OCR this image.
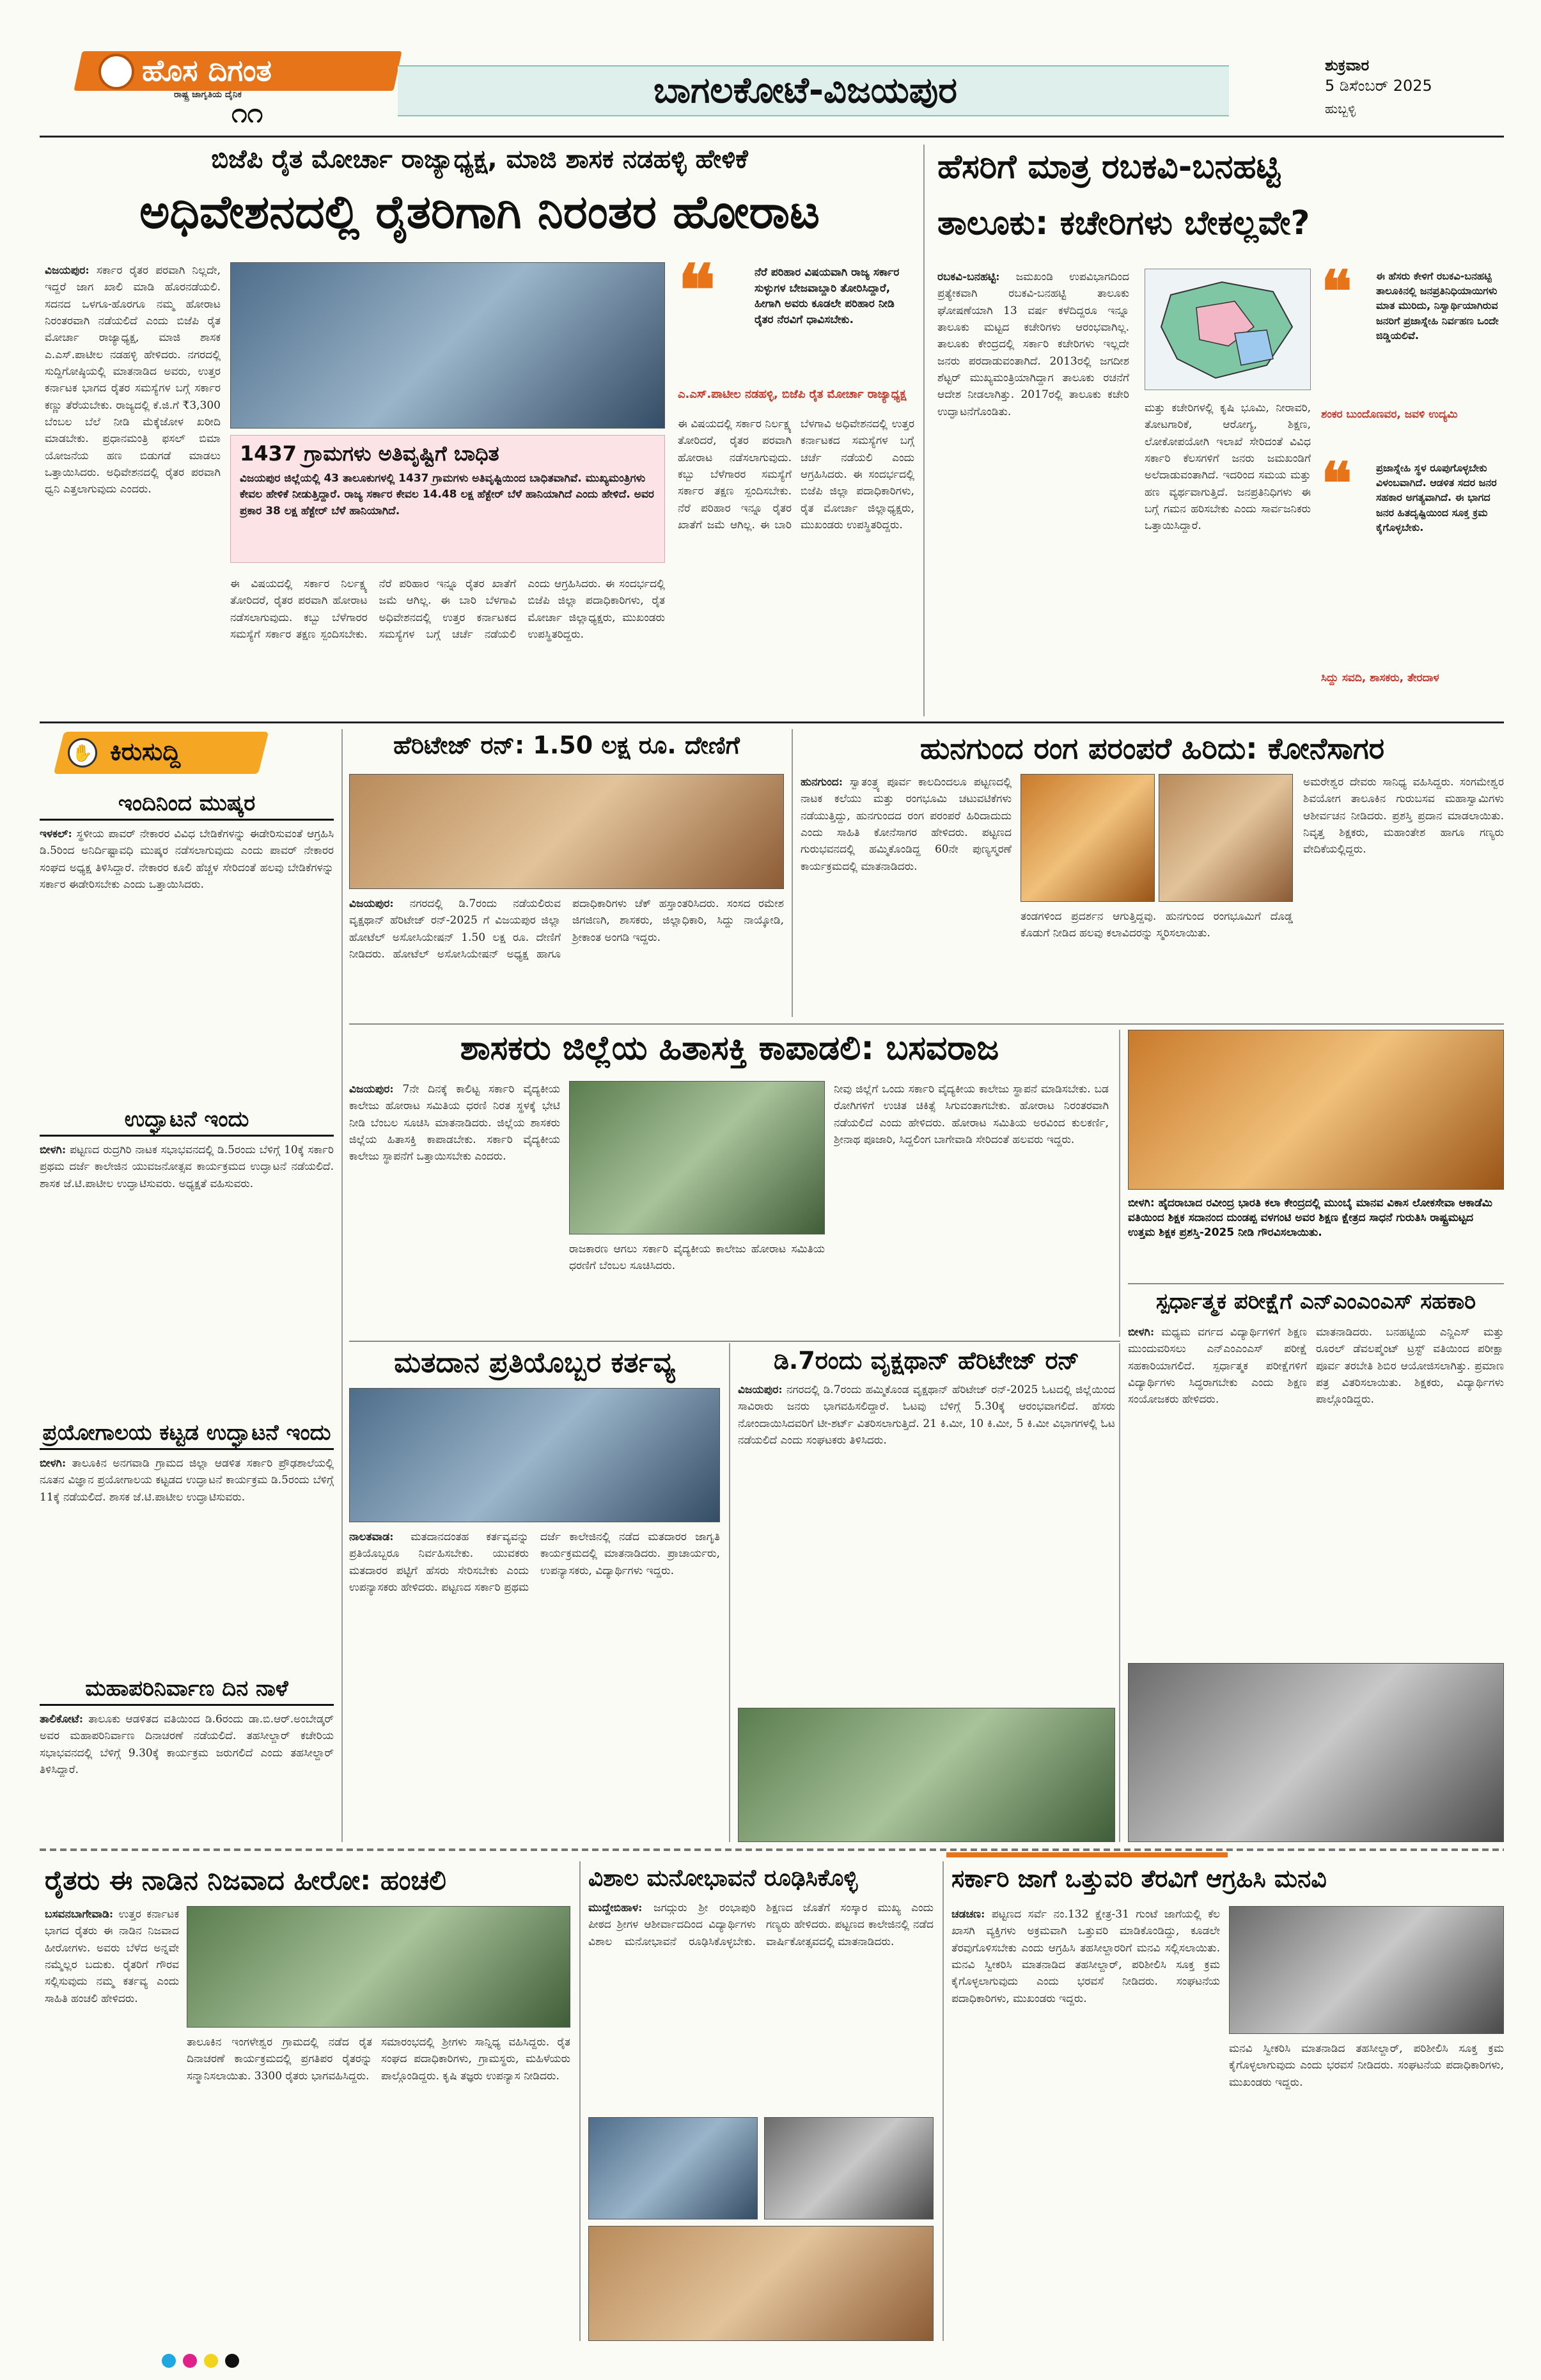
ಹೊಸ ದಿಗಂತ
ರಾಷ್ಟ್ರ ಜಾಗೃತಿಯ ದೈನಿಕ
೧೧
ಬಾಗಲಕೋಟೆ-ವಿಜಯಪುರ
ಶುಕ್ರವಾರ
5 ಡಿಸೆಂಬರ್ 2025
ಹುಬ್ಬಳ್ಳಿ
ಬಿಜೆಪಿ ರೈತ ಮೋರ್ಚಾ ರಾಜ್ಯಾಧ್ಯಕ್ಷ, ಮಾಜಿ ಶಾಸಕ ನಡಹಳ್ಳಿ ಹೇಳಿಕೆ
ಅಧಿವೇಶನದಲ್ಲಿ ರೈತರಿಗಾಗಿ ನಿರಂತರ ಹೋರಾಟ
ವಿಜಯಪುರ: ಸರ್ಕಾರ ರೈತರ ಪರವಾಗಿ ನಿಲ್ಲದೇ, ಇದ್ದರೆ ಜಾಗ ಖಾಲಿ ಮಾಡಿ ಹೊರನಡೆಯಲಿ. ಸದನದ ಒಳಗೂ-ಹೊರಗೂ ನಮ್ಮ ಹೋರಾಟ ನಿರಂತರವಾಗಿ ನಡೆಯಲಿದೆ ಎಂದು ಬಿಜೆಪಿ ರೈತ ಮೋರ್ಚಾ ರಾಜ್ಯಾಧ್ಯಕ್ಷ, ಮಾಜಿ ಶಾಸಕ ಎ.ಎಸ್.ಪಾಟೀಲ ನಡಹಳ್ಳಿ ಹೇಳಿದರು. ನಗರದಲ್ಲಿ ಸುದ್ದಿಗೋಷ್ಠಿಯಲ್ಲಿ ಮಾತನಾಡಿದ ಅವರು, ಉತ್ತರ ಕರ್ನಾಟಕ ಭಾಗದ ರೈತರ ಸಮಸ್ಯೆಗಳ ಬಗ್ಗೆ ಸರ್ಕಾರ ಕಣ್ಣು ತೆರೆಯಬೇಕು. ರಾಜ್ಯದಲ್ಲಿ ಕೆ.ಜಿ.ಗೆ ₹3,300 ಬೆಂಬಲ ಬೆಲೆ ನೀಡಿ ಮೆಕ್ಕೆಜೋಳ ಖರೀದಿ ಮಾಡಬೇಕು. ಪ್ರಧಾನಮಂತ್ರಿ ಫಸಲ್ ಬಿಮಾ ಯೋಜನೆಯ ಹಣ ಬಿಡುಗಡೆ ಮಾಡಲು ಒತ್ತಾಯಿಸಿದರು. ಅಧಿವೇಶನದಲ್ಲಿ ರೈತರ ಪರವಾಗಿ ಧ್ವನಿ ಎತ್ತಲಾಗುವುದು ಎಂದರು.
1437 ಗ್ರಾಮಗಳು ಅತಿವೃಷ್ಟಿಗೆ ಬಾಧಿತ
ವಿಜಯಪುರ ಜಿಲ್ಲೆಯಲ್ಲಿ 43 ತಾಲೂಕುಗಳಲ್ಲಿ 1437 ಗ್ರಾಮಗಳು ಅತಿವೃಷ್ಟಿಯಿಂದ ಬಾಧಿತವಾಗಿವೆ. ಮುಖ್ಯಮಂತ್ರಿಗಳು ಕೇವಲ ಹೇಳಿಕೆ ನೀಡುತ್ತಿದ್ದಾರೆ. ರಾಜ್ಯ ಸರ್ಕಾರ ಕೇವಲ 14.48 ಲಕ್ಷ ಹೆಕ್ಟೇರ್ ಬೆಳೆ ಹಾನಿಯಾಗಿದೆ ಎಂದು ಹೇಳಿದೆ. ಅವರ ಪ್ರಕಾರ 38 ಲಕ್ಷ ಹೆಕ್ಟೇರ್ ಬೆಳೆ ಹಾನಿಯಾಗಿದೆ.
ಈ ವಿಷಯದಲ್ಲಿ ಸರ್ಕಾರ ನಿರ್ಲಕ್ಷ್ಯ ತೋರಿದರೆ, ರೈತರ ಪರವಾಗಿ ಹೋರಾಟ ನಡೆಸಲಾಗುವುದು. ಕಬ್ಬು ಬೆಳೆಗಾರರ ಸಮಸ್ಯೆಗೆ ಸರ್ಕಾರ ತಕ್ಷಣ ಸ್ಪಂದಿಸಬೇಕು. ನೆರೆ ಪರಿಹಾರ ಇನ್ನೂ ರೈತರ ಖಾತೆಗೆ ಜಮೆ ಆಗಿಲ್ಲ. ಈ ಬಾರಿ ಬೆಳಗಾವಿ ಅಧಿವೇಶನದಲ್ಲಿ ಉತ್ತರ ಕರ್ನಾಟಕದ ಸಮಸ್ಯೆಗಳ ಬಗ್ಗೆ ಚರ್ಚೆ ನಡೆಯಲಿ ಎಂದು ಆಗ್ರಹಿಸಿದರು. ಈ ಸಂದರ್ಭದಲ್ಲಿ ಬಿಜೆಪಿ ಜಿಲ್ಲಾ ಪದಾಧಿಕಾರಿಗಳು, ರೈತ ಮೋರ್ಚಾ ಜಿಲ್ಲಾಧ್ಯಕ್ಷರು, ಮುಖಂಡರು ಉಪಸ್ಥಿತರಿದ್ದರು.
❝	ನೆರೆ ಪರಿಹಾರ ವಿಷಯವಾಗಿ ರಾಜ್ಯ ಸರ್ಕಾರ ಸುಳ್ಳುಗಳ ಬೇಜವಾಬ್ದಾರಿ ತೋರಿಸಿದ್ದಾರೆ, ಹೀಗಾಗಿ ಅವರು ಕೂಡಲೇ ಪರಿಹಾರ ನೀಡಿ ರೈತರ ನೆರವಿಗೆ ಧಾವಿಸಬೇಕು.
ಎ.ಎಸ್.ಪಾಟೀಲ ನಡಹಳ್ಳಿ, ಬಿಜೆಪಿ ರೈತ ಮೋರ್ಚಾ ರಾಜ್ಯಾಧ್ಯಕ್ಷ
ಈ ವಿಷಯದಲ್ಲಿ ಸರ್ಕಾರ ನಿರ್ಲಕ್ಷ್ಯ ತೋರಿದರೆ, ರೈತರ ಪರವಾಗಿ ಹೋರಾಟ ನಡೆಸಲಾಗುವುದು. ಕಬ್ಬು ಬೆಳೆಗಾರರ ಸಮಸ್ಯೆಗೆ ಸರ್ಕಾರ ತಕ್ಷಣ ಸ್ಪಂದಿಸಬೇಕು. ನೆರೆ ಪರಿಹಾರ ಇನ್ನೂ ರೈತರ ಖಾತೆಗೆ ಜಮೆ ಆಗಿಲ್ಲ. ಈ ಬಾರಿ ಬೆಳಗಾವಿ ಅಧಿವೇಶನದಲ್ಲಿ ಉತ್ತರ ಕರ್ನಾಟಕದ ಸಮಸ್ಯೆಗಳ ಬಗ್ಗೆ ಚರ್ಚೆ ನಡೆಯಲಿ ಎಂದು ಆಗ್ರಹಿಸಿದರು. ಈ ಸಂದರ್ಭದಲ್ಲಿ ಬಿಜೆಪಿ ಜಿಲ್ಲಾ ಪದಾಧಿಕಾರಿಗಳು, ರೈತ ಮೋರ್ಚಾ ಜಿಲ್ಲಾಧ್ಯಕ್ಷರು, ಮುಖಂಡರು ಉಪಸ್ಥಿತರಿದ್ದರು.
ಹೆಸರಿಗೆ ಮಾತ್ರ ರಬಕವಿ-ಬನಹಟ್ಟಿ
ತಾಲೂಕು: ಕಚೇರಿಗಳು ಬೇಕಲ್ಲವೇ?
ರಬಕವಿ-ಬನಹಟ್ಟಿ: ಜಮಖಂಡಿ ಉಪವಿಭಾಗದಿಂದ ಪ್ರತ್ಯೇಕವಾಗಿ ರಬಕವಿ-ಬನಹಟ್ಟಿ ತಾಲೂಕು ಘೋಷಣೆಯಾಗಿ 13 ವರ್ಷ ಕಳೆದಿದ್ದರೂ ಇನ್ನೂ ತಾಲೂಕು ಮಟ್ಟದ ಕಚೇರಿಗಳು ಆರಂಭವಾಗಿಲ್ಲ. ತಾಲೂಕು ಕೇಂದ್ರದಲ್ಲಿ ಸರ್ಕಾರಿ ಕಚೇರಿಗಳು ಇಲ್ಲದೇ ಜನರು ಪರದಾಡುವಂತಾಗಿದೆ. 2013ರಲ್ಲಿ ಜಗದೀಶ ಶೆಟ್ಟರ್ ಮುಖ್ಯಮಂತ್ರಿಯಾಗಿದ್ದಾಗ ತಾಲೂಕು ರಚನೆಗೆ ಆದೇಶ ನೀಡಲಾಗಿತ್ತು. 2017ರಲ್ಲಿ ತಾಲೂಕು ಕಚೇರಿ ಉದ್ಘಾಟನೆಗೊಂಡಿತು.	ಮತ್ತು ಕಚೇರಿಗಳಲ್ಲಿ ಕೃಷಿ ಭೂಮಿ, ನೀರಾವರಿ, ತೋಟಗಾರಿಕೆ, ಆರೋಗ್ಯ, ಶಿಕ್ಷಣ, ಲೋಕೋಪಯೋಗಿ ಇಲಾಖೆ ಸೇರಿದಂತೆ ವಿವಿಧ ಸರ್ಕಾರಿ ಕೆಲಸಗಳಿಗೆ ಜನರು ಜಮಖಂಡಿಗೆ ಅಲೆದಾಡುವಂತಾಗಿದೆ. ಇದರಿಂದ ಸಮಯ ಮತ್ತು ಹಣ ವ್ಯರ್ಥವಾಗುತ್ತಿದೆ. ಜನಪ್ರತಿನಿಧಿಗಳು ಈ ಬಗ್ಗೆ ಗಮನ ಹರಿಸಬೇಕು ಎಂದು ಸಾರ್ವಜನಿಕರು ಒತ್ತಾಯಿಸಿದ್ದಾರೆ.
❝ ಈ ಹೆಸರು ಕೇಳಿಗೆ ರಬಕವಿ-ಬನಹಟ್ಟಿ ತಾಲೂಕಿನಲ್ಲಿ ಜನಪ್ರತಿನಿಧಿಯಾಯಿಗಳು ಮಾತ ಮುರಿದು, ನಿಸ್ವಾರ್ಥಿಯಾಗಿರುವ ಜನರಿಗೆ ಪ್ರಜಾಸ್ನೇಹಿ ನಿರ್ವಹಣ ಒಂದೇ ಜಿಡ್ಡಿಯಲಿವೆ.
ಶಂಕರ ಬುಂದೊಣವರ, ಜವಳಿ ಉದ್ಯಮಿ
❝ ಪ್ರಜಾಸ್ನೇಹಿ ಸ್ಥಳ ರೂಪುಗೊಳ್ಳಬೇಕು ವಿಳಂಬವಾಗಿದೆ. ಆಡಳಿತ ಸದರ ಜನರ ಸಹಕಾರ ಅಗತ್ಯವಾಗಿದೆ. ಈ ಭಾಗದ ಜನರ ಹಿತದೃಷ್ಟಿಯಿಂದ ಸೂಕ್ತ ಕ್ರಮ ಕೈಗೊಳ್ಳಬೇಕು.
ಸಿದ್ದು ಸವದಿ, ಶಾಸಕರು, ತೇರದಾಳ
✋ ಕಿರುಸುದ್ದಿ
ಇಂದಿನಿಂದ ಮುಷ್ಕರ
ಇಳಕಲ್: ಸ್ಥಳೀಯ ಪಾವರ್ ನೇಕಾರರ ವಿವಿಧ ಬೇಡಿಕೆಗಳನ್ನು ಈಡೇರಿಸುವಂತೆ ಆಗ್ರಹಿಸಿ ಡಿ.5ರಿಂದ ಅನಿರ್ದಿಷ್ಟಾವಧಿ ಮುಷ್ಕರ ನಡೆಸಲಾಗುವುದು ಎಂದು ಪಾವರ್ ನೇಕಾರರ ಸಂಘದ ಅಧ್ಯಕ್ಷ ತಿಳಿಸಿದ್ದಾರೆ. ನೇಕಾರರ ಕೂಲಿ ಹೆಚ್ಚಳ ಸೇರಿದಂತೆ ಹಲವು ಬೇಡಿಕೆಗಳನ್ನು ಸರ್ಕಾರ ಈಡೇರಿಸಬೇಕು ಎಂದು ಒತ್ತಾಯಿಸಿದರು.
ಉದ್ಘಾಟನೆ ಇಂದು
ಬೀಳಗಿ: ಪಟ್ಟಣದ ರುದ್ರಗಿರಿ ನಾಟಕ ಸಭಾಭವನದಲ್ಲಿ ಡಿ.5ರಂದು ಬೆಳಿಗ್ಗೆ 10ಕ್ಕೆ ಸರ್ಕಾರಿ ಪ್ರಥಮ ದರ್ಜೆ ಕಾಲೇಜಿನ ಯುವಜನೋತ್ಸವ ಕಾರ್ಯಕ್ರಮದ ಉದ್ಘಾಟನೆ ನಡೆಯಲಿದೆ. ಶಾಸಕ ಜೆ.ಟಿ.ಪಾಟೀಲ ಉದ್ಘಾಟಿಸುವರು. ಅಧ್ಯಕ್ಷತೆ ವಹಿಸುವರು.
ಪ್ರಯೋಗಾಲಯ ಕಟ್ಟಡ ಉದ್ಘಾಟನೆ ಇಂದು
ಬೀಳಗಿ: ತಾಲೂಕಿನ ಅನಗವಾಡಿ ಗ್ರಾಮದ ಜಿಲ್ಲಾ ಆಡಳಿತ ಸರ್ಕಾರಿ ಪ್ರೌಢಶಾಲೆಯಲ್ಲಿ ನೂತನ ವಿಜ್ಞಾನ ಪ್ರಯೋಗಾಲಯ ಕಟ್ಟಡದ ಉದ್ಘಾಟನೆ ಕಾರ್ಯಕ್ರಮ ಡಿ.5ರಂದು ಬೆಳಿಗ್ಗೆ 11ಕ್ಕೆ ನಡೆಯಲಿದೆ. ಶಾಸಕ ಜೆ.ಟಿ.ಪಾಟೀಲ ಉದ್ಘಾಟಿಸುವರು.
ಮಹಾಪರಿನಿರ್ವಾಣ ದಿನ ನಾಳೆ
ತಾಲಿಕೋಟೆ: ತಾಲೂಕು ಆಡಳಿತದ ವತಿಯಿಂದ ಡಿ.6ರಂದು ಡಾ.ಬಿ.ಆರ್.ಅಂಬೇಡ್ಕರ್ ಅವರ ಮಹಾಪರಿನಿರ್ವಾಣ ದಿನಾಚರಣೆ ನಡೆಯಲಿದೆ. ತಹಸೀಲ್ದಾರ್ ಕಚೇರಿಯ ಸಭಾಭವನದಲ್ಲಿ ಬೆಳಿಗ್ಗೆ 9.30ಕ್ಕೆ ಕಾರ್ಯಕ್ರಮ ಜರುಗಲಿದೆ ಎಂದು ತಹಸೀಲ್ದಾರ್ ತಿಳಿಸಿದ್ದಾರೆ.
ಹೆರಿಟೇಜ್ ರನ್: 1.50 ಲಕ್ಷ ರೂ. ದೇಣಿಗೆ
ವಿಜಯಪುರ: ನಗರದಲ್ಲಿ ಡಿ.7ರಂದು ನಡೆಯಲಿರುವ ವೃಕ್ಷಥಾನ್ ಹೆರಿಟೇಜ್ ರನ್-2025 ಗೆ ವಿಜಯಪುರ ಜಿಲ್ಲಾ ಹೋಟೆಲ್ ಅಸೋಸಿಯೇಷನ್ 1.50 ಲಕ್ಷ ರೂ. ದೇಣಿಗೆ ನೀಡಿದರು. ಹೋಟೆಲ್ ಅಸೋಸಿಯೇಷನ್ ಅಧ್ಯಕ್ಷ ಹಾಗೂ ಪದಾಧಿಕಾರಿಗಳು ಚೆಕ್ ಹಸ್ತಾಂತರಿಸಿದರು. ಸಂಸದ ರಮೇಶ ಜಿಗಜಿಣಗಿ, ಶಾಸಕರು, ಜಿಲ್ಲಾಧಿಕಾರಿ, ಸಿದ್ದು ನಾಯ್ಕೋಡಿ, ಶ್ರೀಕಾಂತ ಅಂಗಡಿ ಇದ್ದರು.
ಹುನಗುಂದ ರಂಗ ಪರಂಪರೆ ಹಿರಿದು: ಕೋನೆಸಾಗರ
ಹುನಗುಂದ: ಸ್ವಾತಂತ್ರ್ಯ ಪೂರ್ವ ಕಾಲದಿಂದಲೂ ಪಟ್ಟಣದಲ್ಲಿ ನಾಟಕ ಕಲೆಯು ಮತ್ತು ರಂಗಭೂಮಿ ಚಟುವಟಿಕೆಗಳು ನಡೆಯುತ್ತಿದ್ದು, ಹುನಗುಂದದ ರಂಗ ಪರಂಪರೆ ಹಿರಿದಾದುದು ಎಂದು ಸಾಹಿತಿ ಕೋನೆಸಾಗರ ಹೇಳಿದರು. ಪಟ್ಟಣದ ಗುರುಭವನದಲ್ಲಿ ಹಮ್ಮಿಕೊಂಡಿದ್ದ 60ನೇ ಪುಣ್ಯಸ್ಮರಣೆ ಕಾರ್ಯಕ್ರಮದಲ್ಲಿ ಮಾತನಾಡಿದರು.
ತಂಡಗಳಿಂದ ಪ್ರದರ್ಶನ ಆಗುತ್ತಿದ್ದವು. ಹುನಗುಂದ ರಂಗಭೂಮಿಗೆ ದೊಡ್ಡ ಕೊಡುಗೆ ನೀಡಿದ ಹಲವು ಕಲಾವಿದರನ್ನು ಸ್ಮರಿಸಲಾಯಿತು.
ಅಮರೇಶ್ವರ ದೇವರು ಸಾನಿಧ್ಯ ವಹಿಸಿದ್ದರು. ಸಂಗಮೇಶ್ವರ ಶಿವಯೋಗ ತಾಲೂಕಿನ ಗುರುಬಸವ ಮಹಾಸ್ವಾಮಿಗಳು ಆಶೀರ್ವಚನ ನೀಡಿದರು. ಪ್ರಶಸ್ತಿ ಪ್ರದಾನ ಮಾಡಲಾಯಿತು. ನಿವೃತ್ತ ಶಿಕ್ಷಕರು, ಮಹಾಂತೇಶ ಹಾಗೂ ಗಣ್ಯರು ವೇದಿಕೆಯಲ್ಲಿದ್ದರು.
ಶಾಸಕರು ಜಿಲ್ಲೆಯ ಹಿತಾಸಕ್ತಿ ಕಾಪಾಡಲಿ: ಬಸವರಾಜ
ವಿಜಯಪುರ: 7ನೇ ದಿನಕ್ಕೆ ಕಾಲಿಟ್ಟ ಸರ್ಕಾರಿ ವೈದ್ಯಕೀಯ ಕಾಲೇಜು ಹೋರಾಟ ಸಮಿತಿಯ ಧರಣಿ ನಿರತ ಸ್ಥಳಕ್ಕೆ ಭೇಟಿ ನೀಡಿ ಬೆಂಬಲ ಸೂಚಿಸಿ ಮಾತನಾಡಿದರು. ಜಿಲ್ಲೆಯ ಶಾಸಕರು ಜಿಲ್ಲೆಯ ಹಿತಾಸಕ್ತಿ ಕಾಪಾಡಬೇಕು. ಸರ್ಕಾರಿ ವೈದ್ಯಕೀಯ ಕಾಲೇಜು ಸ್ಥಾಪನೆಗೆ ಒತ್ತಾಯಿಸಬೇಕು ಎಂದರು.
ರಾಜಕಾರಣ ಆಗಲು ಸರ್ಕಾರಿ ವೈದ್ಯಕೀಯ ಕಾಲೇಜು ಹೋರಾಟ ಸಮಿತಿಯ ಧರಣಿಗೆ ಬೆಂಬಲ ಸೂಚಿಸಿದರು.
ನೀವು ಜಿಲ್ಲೆಗೆ ಒಂದು ಸರ್ಕಾರಿ ವೈದ್ಯಕೀಯ ಕಾಲೇಜು ಸ್ಥಾಪನೆ ಮಾಡಿಸಬೇಕು. ಬಡ ರೋಗಿಗಳಿಗೆ ಉಚಿತ ಚಿಕಿತ್ಸೆ ಸಿಗುವಂತಾಗಬೇಕು. ಹೋರಾಟ ನಿರಂತರವಾಗಿ ನಡೆಯಲಿದೆ ಎಂದು ಹೇಳಿದರು. ಹೋರಾಟ ಸಮಿತಿಯ ಅರವಿಂದ ಕುಲಕರ್ಣಿ, ಶ್ರೀನಾಥ ಪೂಜಾರಿ, ಸಿದ್ದಲಿಂಗ ಬಾಗೇವಾಡಿ ಸೇರಿದಂತೆ ಹಲವರು ಇದ್ದರು.
ಬೀಳಗಿ: ಹೈದರಾಬಾದ ರವೀಂದ್ರ ಭಾರತಿ ಕಲಾ ಕೇಂದ್ರದಲ್ಲಿ ಮುಂಬೈ ಮಾನವ ವಿಕಾಸ ಲೋಕಸೇವಾ ಆಕಾಡೆಮಿ ವತಿಯಿಂದ ಶಿಕ್ಷಕ ಸದಾನಂದ ದುಂಡಪ್ಪ ವಳಗಂಟಿ ಅವರ ಶಿಕ್ಷಣ ಕ್ಷೇತ್ರದ ಸಾಧನೆ ಗುರುತಿಸಿ ರಾಷ್ಟ್ರಮಟ್ಟದ ಉತ್ತಮ ಶಿಕ್ಷಕ ಪ್ರಶಸ್ತಿ-2025 ನೀಡಿ ಗೌರವಿಸಲಾಯಿತು.
ಸ್ಪರ್ಧಾತ್ಮಕ ಪರೀಕ್ಷೆಗೆ ಎನ್ಎಂಎಂಎಸ್ ಸಹಕಾರಿ
ಬೀಳಗಿ: ಮಧ್ಯಮ ವರ್ಗದ ವಿದ್ಯಾರ್ಥಿಗಳಿಗೆ ಶಿಕ್ಷಣ ಮುಂದುವರಿಸಲು ಎನ್ಎಂಎಂಎಸ್ ಪರೀಕ್ಷೆ ಸಹಕಾರಿಯಾಗಲಿದೆ. ಸ್ಪರ್ಧಾತ್ಮಕ ಪರೀಕ್ಷೆಗಳಿಗೆ ವಿದ್ಯಾರ್ಥಿಗಳು ಸಿದ್ಧರಾಗಬೇಕು ಎಂದು ಶಿಕ್ಷಣ ಸಂಯೋಜಕರು ಹೇಳಿದರು.
ಮಾತನಾಡಿದರು. ಬನಹಟ್ಟಿಯ ಎನ್ಜಿಎಸ್ ಮತ್ತು ರೂರಲ್ ಡೆವಲಪ್ಮೆಂಟ್ ಟ್ರಸ್ಟ್ ವತಿಯಿಂದ ಪರೀಕ್ಷಾ ಪೂರ್ವ ತರಬೇತಿ ಶಿಬಿರ ಆಯೋಜಿಸಲಾಗಿತ್ತು. ಪ್ರಮಾಣ ಪತ್ರ ವಿತರಿಸಲಾಯಿತು. ಶಿಕ್ಷಕರು, ವಿದ್ಯಾರ್ಥಿಗಳು ಪಾಲ್ಗೊಂಡಿದ್ದರು.
ಮತದಾನ ಪ್ರತಿಯೊಬ್ಬರ ಕರ್ತವ್ಯ
ನಾಲತವಾಡ: ಮತದಾನದಂತಹ ಕರ್ತವ್ಯವನ್ನು ಪ್ರತಿಯೊಬ್ಬರೂ ನಿರ್ವಹಿಸಬೇಕು. ಯುವಕರು ಮತದಾರರ ಪಟ್ಟಿಗೆ ಹೆಸರು ಸೇರಿಸಬೇಕು ಎಂದು ಉಪನ್ಯಾಸಕರು ಹೇಳಿದರು. ಪಟ್ಟಣದ ಸರ್ಕಾರಿ ಪ್ರಥಮ ದರ್ಜೆ ಕಾಲೇಜಿನಲ್ಲಿ ನಡೆದ ಮತದಾರರ ಜಾಗೃತಿ ಕಾರ್ಯಕ್ರಮದಲ್ಲಿ ಮಾತನಾಡಿದರು. ಪ್ರಾಚಾರ್ಯರು, ಉಪನ್ಯಾಸಕರು, ವಿದ್ಯಾರ್ಥಿಗಳು ಇದ್ದರು.
ಡಿ.7ರಂದು ವೃಕ್ಷಥಾನ್ ಹೆರಿಟೇಜ್ ರನ್
ವಿಜಯಪುರ: ನಗರದಲ್ಲಿ ಡಿ.7ರಂದು ಹಮ್ಮಿಕೊಂಡ ವೃಕ್ಷಥಾನ್ ಹೆರಿಟೇಜ್ ರನ್-2025 ಓಟದಲ್ಲಿ ಜಿಲ್ಲೆಯಿಂದ ಸಾವಿರಾರು ಜನರು ಭಾಗವಹಿಸಲಿದ್ದಾರೆ. ಓಟವು ಬೆಳಿಗ್ಗೆ 5.30ಕ್ಕೆ ಆರಂಭವಾಗಲಿದೆ. ಹೆಸರು ನೋಂದಾಯಿಸಿದವರಿಗೆ ಟೀ-ಶರ್ಟ್ ವಿತರಿಸಲಾಗುತ್ತಿದೆ. 21 ಕಿ.ಮೀ, 10 ಕಿ.ಮೀ, 5 ಕಿ.ಮೀ ವಿಭಾಗಗಳಲ್ಲಿ ಓಟ ನಡೆಯಲಿದೆ ಎಂದು ಸಂಘಟಕರು ತಿಳಿಸಿದರು.
ರೈತರು ಈ ನಾಡಿನ ನಿಜವಾದ ಹೀರೋ: ಹಂಚಲಿ
ಬಸವನಬಾಗೇವಾಡಿ: ಉತ್ತರ ಕರ್ನಾಟಕ ಭಾಗದ ರೈತರು ಈ ನಾಡಿನ ನಿಜವಾದ ಹೀರೋಗಳು. ಅವರು ಬೆಳೆದ ಅನ್ನವೇ ನಮ್ಮೆಲ್ಲರ ಬದುಕು. ರೈತರಿಗೆ ಗೌರವ ಸಲ್ಲಿಸುವುದು ನಮ್ಮ ಕರ್ತವ್ಯ ಎಂದು ಸಾಹಿತಿ ಹಂಚಲಿ ಹೇಳಿದರು.
ತಾಲೂಕಿನ ಇಂಗಳೇಶ್ವರ ಗ್ರಾಮದಲ್ಲಿ ನಡೆದ ರೈತ ದಿನಾಚರಣೆ ಕಾರ್ಯಕ್ರಮದಲ್ಲಿ ಪ್ರಗತಿಪರ ರೈತರನ್ನು ಸನ್ಮಾನಿಸಲಾಯಿತು. 3300 ರೈತರು ಭಾಗವಹಿಸಿದ್ದರು.
ಸಮಾರಂಭದಲ್ಲಿ ಶ್ರೀಗಳು ಸಾನ್ನಿಧ್ಯ ವಹಿಸಿದ್ದರು. ರೈತ ಸಂಘದ ಪದಾಧಿಕಾರಿಗಳು, ಗ್ರಾಮಸ್ಥರು, ಮಹಿಳೆಯರು ಪಾಲ್ಗೊಂಡಿದ್ದರು. ಕೃಷಿ ತಜ್ಞರು ಉಪನ್ಯಾಸ ನೀಡಿದರು.
ವಿಶಾಲ ಮನೋಭಾವನೆ ರೂಢಿಸಿಕೊಳ್ಳಿ
ಮುದ್ದೇಬಿಹಾಳ: ಜಗದ್ಗುರು ಶ್ರೀ ರಂಭಾಪುರಿ ಪೀಠದ ಶ್ರೀಗಳ ಆಶೀರ್ವಾದದಿಂದ ವಿದ್ಯಾರ್ಥಿಗಳು ವಿಶಾಲ ಮನೋಭಾವನೆ ರೂಢಿಸಿಕೊಳ್ಳಬೇಕು. ಶಿಕ್ಷಣದ ಜೊತೆಗೆ ಸಂಸ್ಕಾರ ಮುಖ್ಯ ಎಂದು ಗಣ್ಯರು ಹೇಳಿದರು. ಪಟ್ಟಣದ ಕಾಲೇಜಿನಲ್ಲಿ ನಡೆದ ವಾರ್ಷಿಕೋತ್ಸವದಲ್ಲಿ ಮಾತನಾಡಿದರು.
ಸರ್ಕಾರಿ ಜಾಗೆ ಒತ್ತುವರಿ ತೆರವಿಗೆ ಆಗ್ರಹಿಸಿ ಮನವಿ
ಚಡಚಣ: ಪಟ್ಟಣದ ಸರ್ವೆ ನಂ.132 ಕ್ಷೇತ್ರ-31 ಗುಂಟೆ ಜಾಗೆಯಲ್ಲಿ ಕೆಲ ಖಾಸಗಿ ವ್ಯಕ್ತಿಗಳು ಅಕ್ರಮವಾಗಿ ಒತ್ತುವರಿ ಮಾಡಿಕೊಂಡಿದ್ದು, ಕೂಡಲೇ ತೆರವುಗೊಳಿಸಬೇಕು ಎಂದು ಆಗ್ರಹಿಸಿ ತಹಸೀಲ್ದಾರರಿಗೆ ಮನವಿ ಸಲ್ಲಿಸಲಾಯಿತು. ಮನವಿ ಸ್ವೀಕರಿಸಿ ಮಾತನಾಡಿದ ತಹಸೀಲ್ದಾರ್, ಪರಿಶೀಲಿಸಿ ಸೂಕ್ತ ಕ್ರಮ ಕೈಗೊಳ್ಳಲಾಗುವುದು ಎಂದು ಭರವಸೆ ನೀಡಿದರು. ಸಂಘಟನೆಯ ಪದಾಧಿಕಾರಿಗಳು, ಮುಖಂಡರು ಇದ್ದರು.
ಮನವಿ ಸ್ವೀಕರಿಸಿ ಮಾತನಾಡಿದ ತಹಸೀಲ್ದಾರ್, ಪರಿಶೀಲಿಸಿ ಸೂಕ್ತ ಕ್ರಮ ಕೈಗೊಳ್ಳಲಾಗುವುದು ಎಂದು ಭರವಸೆ ನೀಡಿದರು. ಸಂಘಟನೆಯ ಪದಾಧಿಕಾರಿಗಳು, ಮುಖಂಡರು ಇದ್ದರು.
